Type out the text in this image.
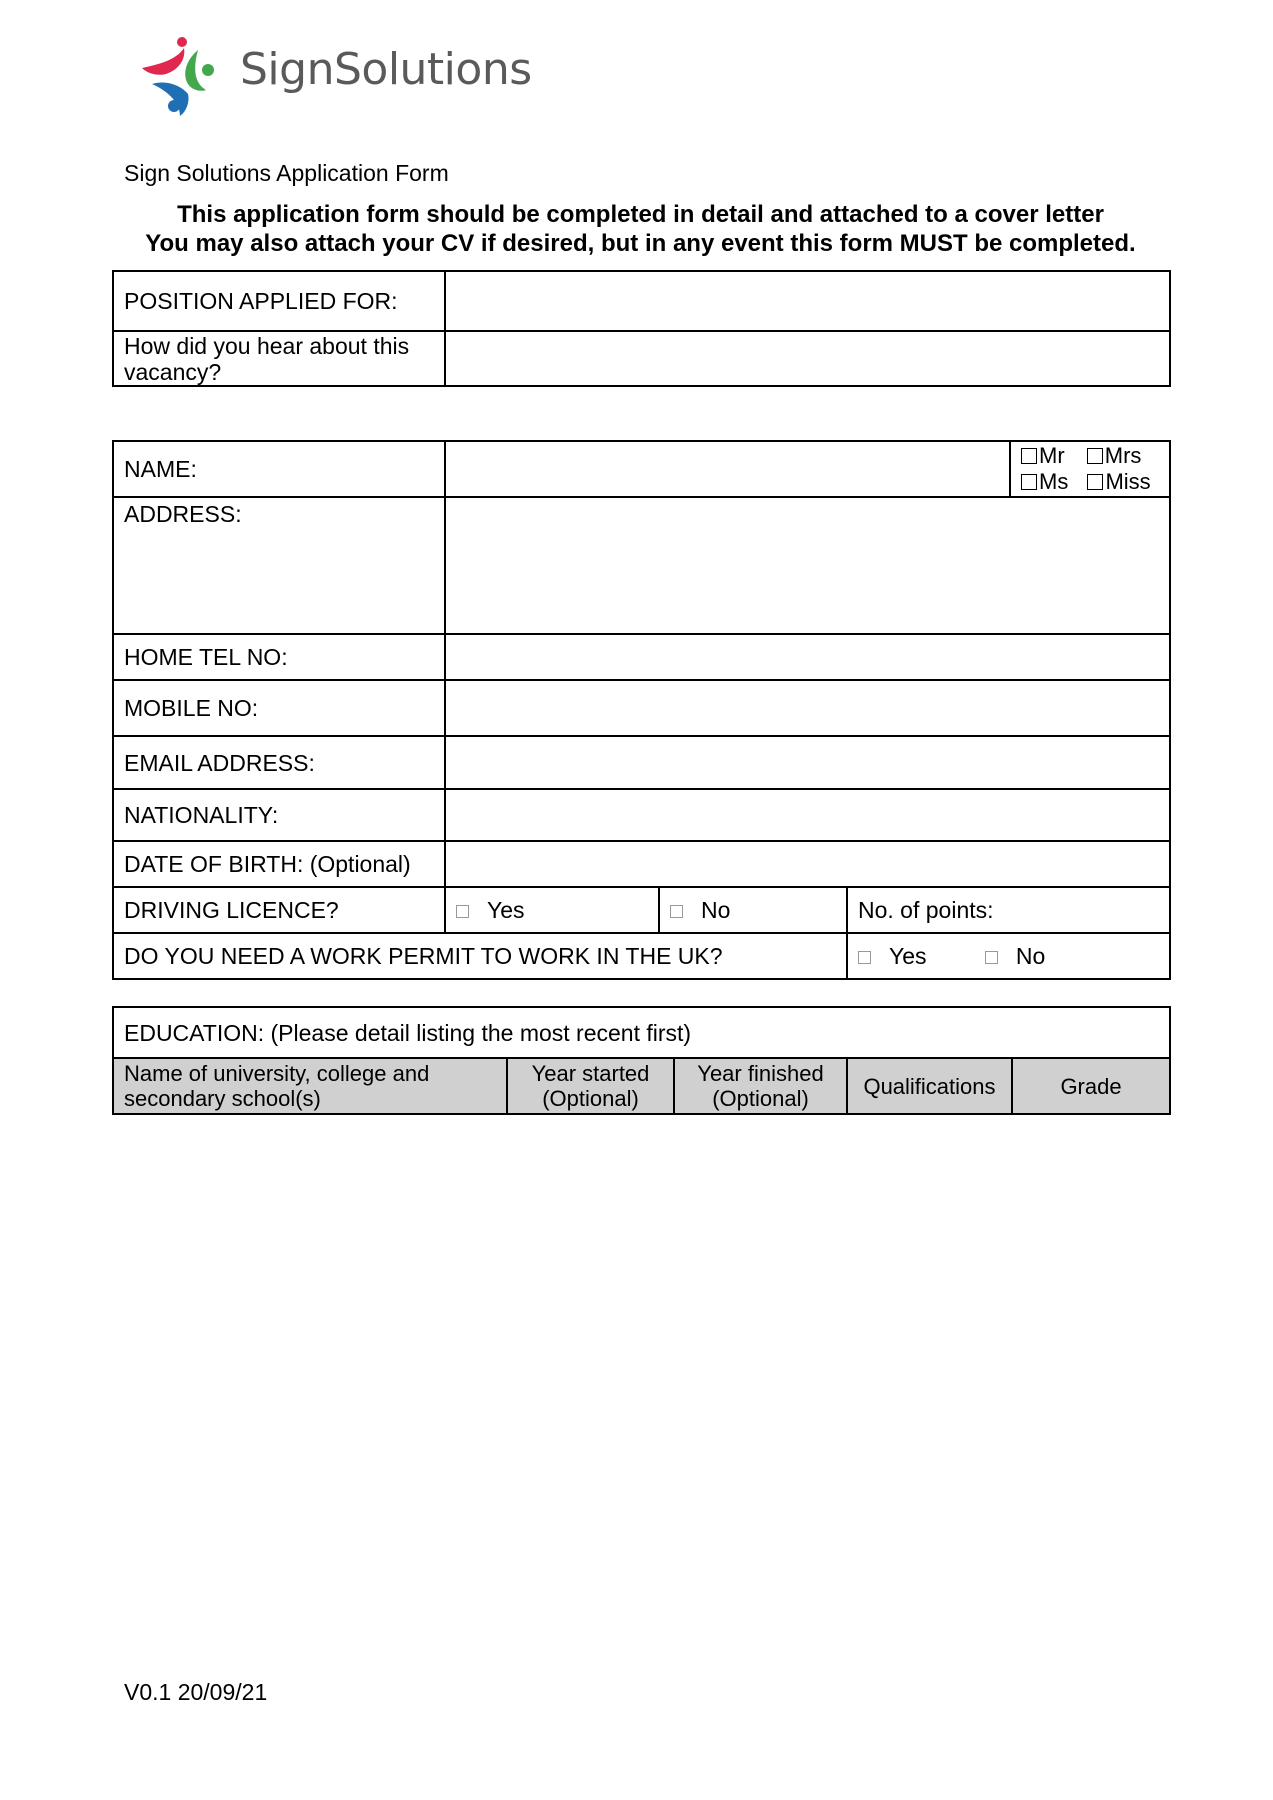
SignSolutions
Sign Solutions Application Form
This application form should be completed in detail and attached to a cover letter
You may also attach your CV if desired, but in any event this form MUST be completed.
POSITION APPLIED FOR:	
How did you hear about this vacancy?	
NAME:				Mr Mrs
Ms Miss

ADDRESS:				
HOME TEL NO:				
MOBILE NO:				
EMAIL ADDRESS:				
NATIONALITY:				
DATE OF BIRTH: (Optional)				
DRIVING LICENCE?	Yes	No	No. of points:	
DO YOU NEED A WORK PERMIT TO WORK IN THE UK?			Yes No	
EDUCATION: (Please detail listing the most recent first)
Name of university, college and secondary school(s)	Year started (Optional)	Year finished (Optional)	Qualifications	Grade
V0.1 20/09/21
